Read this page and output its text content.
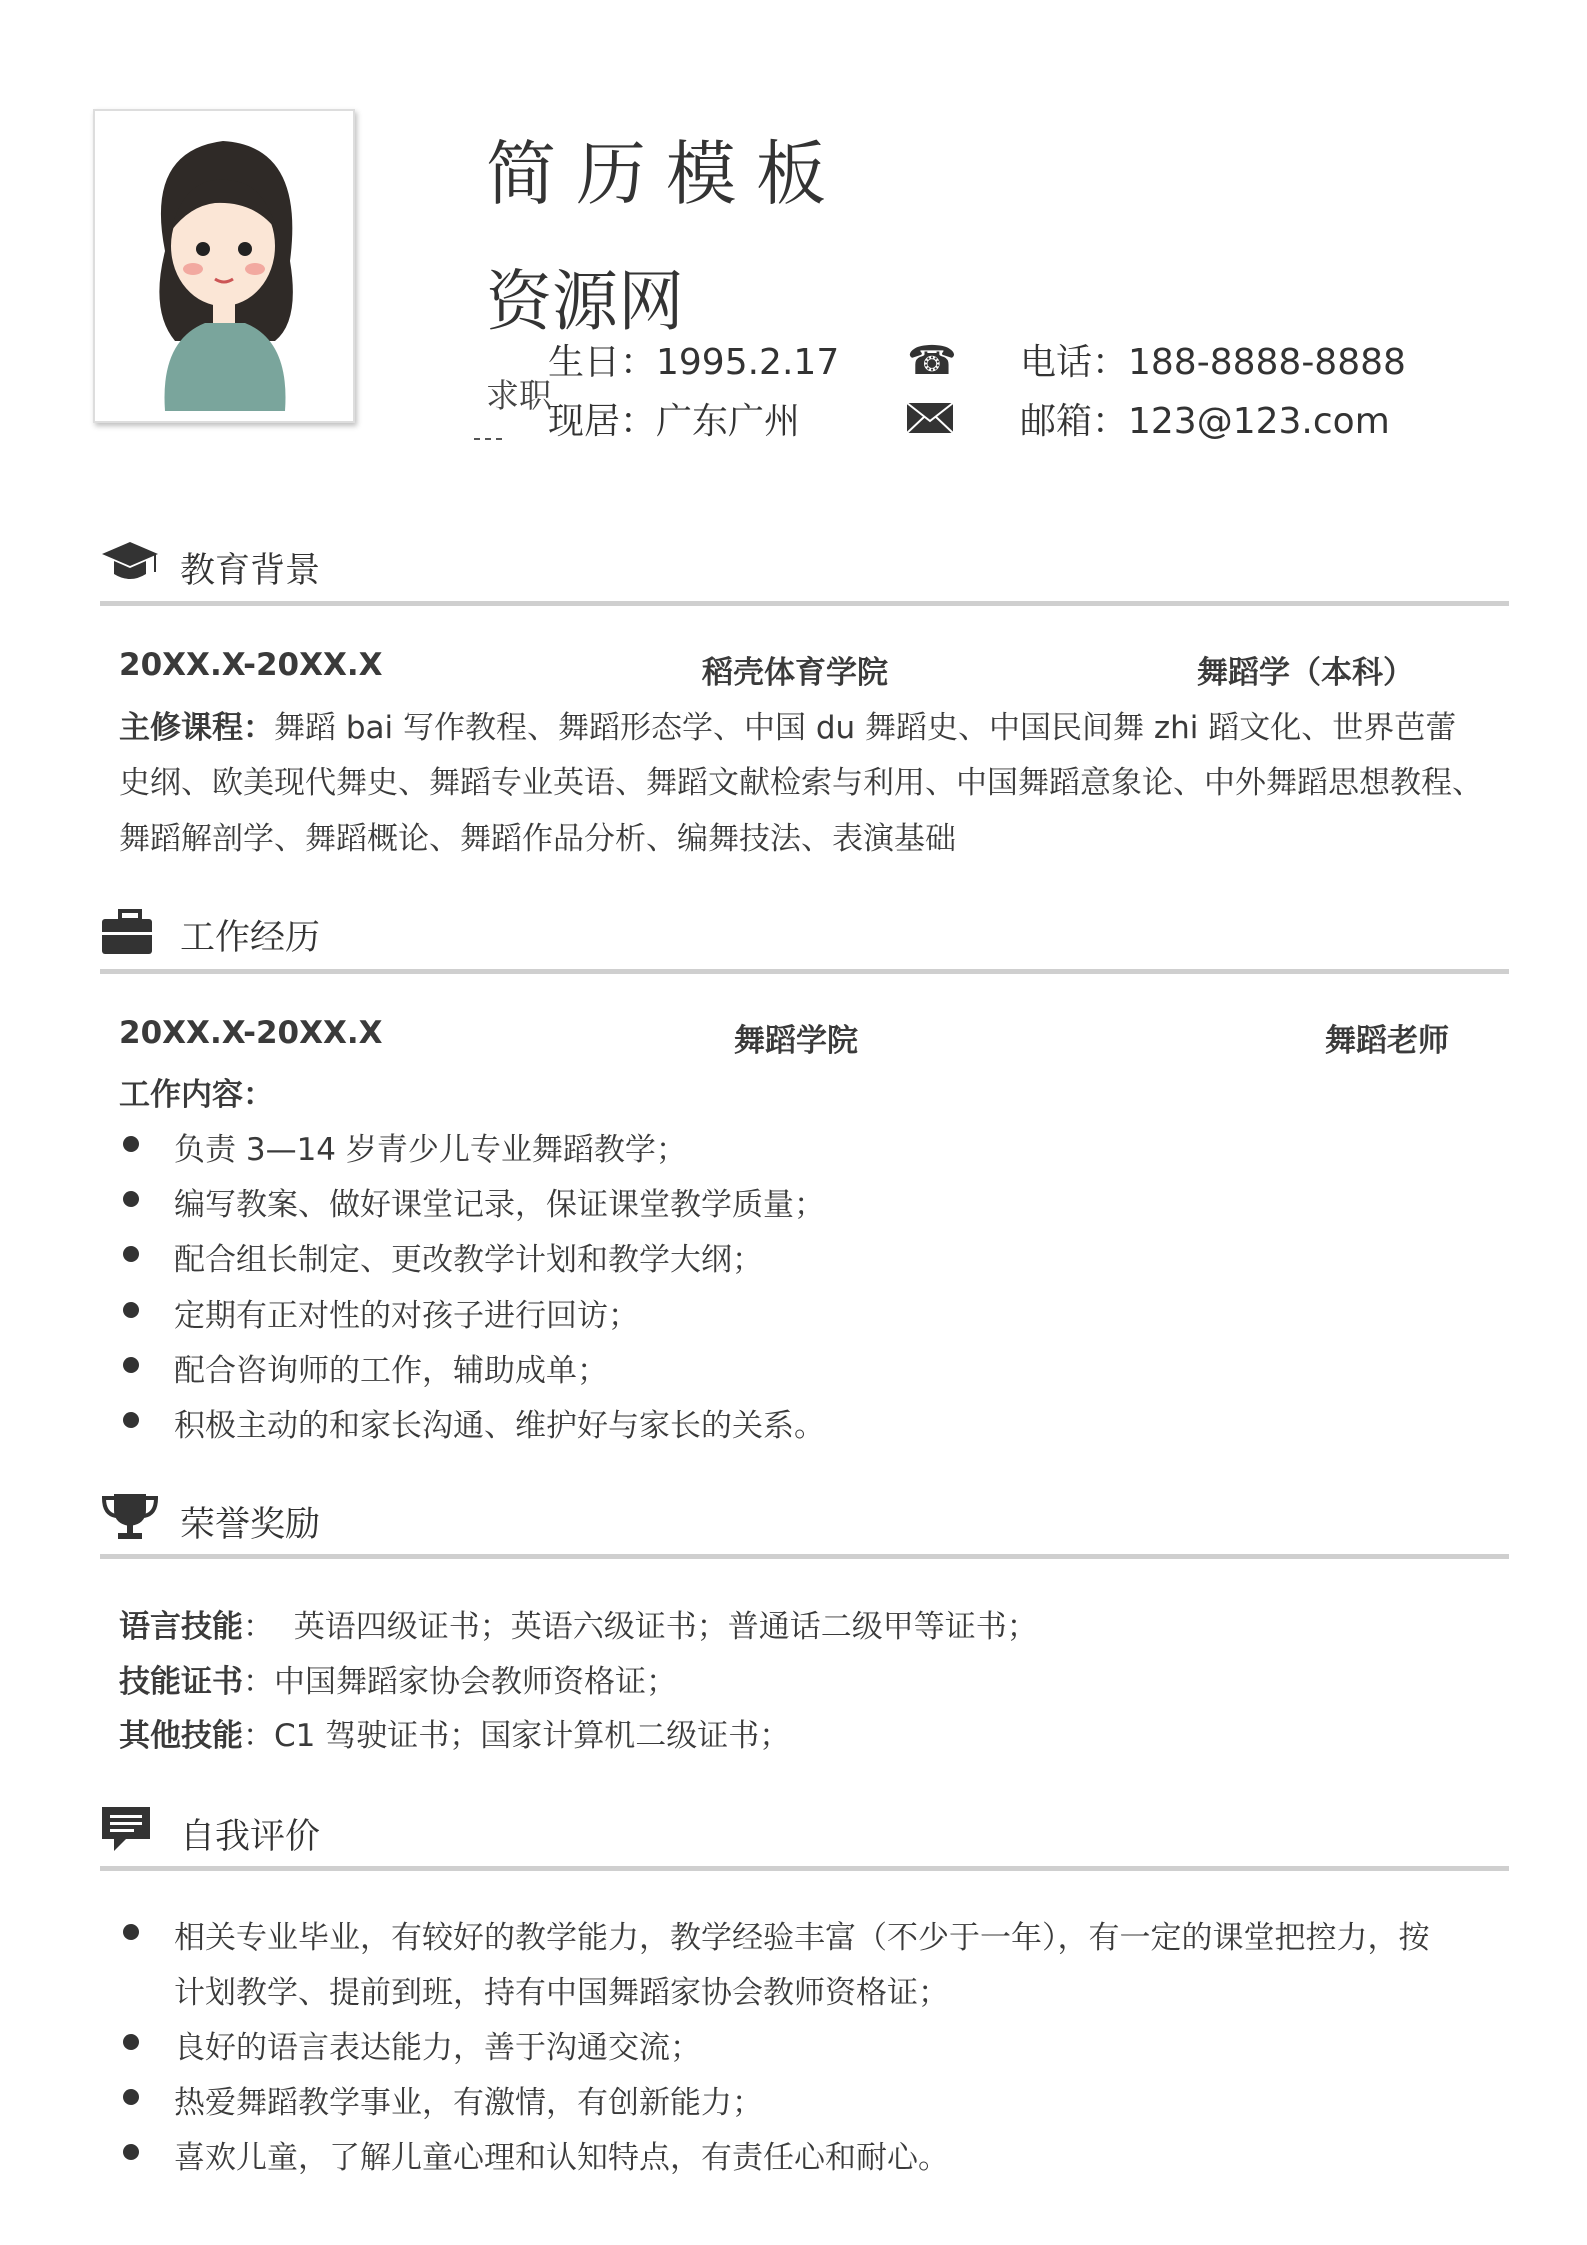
简历模板
资源网
求职
生日：1995.2.17
现居：广东广州
☎ 电话：188-8888-8888
邮箱：123@123.com
教育背景
20XX.X-20XX.X	稻壳体育学院	舞蹈学（本科）
主修课程：舞蹈 bai 写作教程、舞蹈形态学、中国 du 舞蹈史、中国民间舞 zhi 蹈文化、世界芭蕾
史纲、欧美现代舞史、舞蹈专业英语、舞蹈文献检索与利用、中国舞蹈意象论、中外舞蹈思想教程、
舞蹈解剖学、舞蹈概论、舞蹈作品分析、编舞技法、表演基础
工作经历
20XX.X-20XX.X	舞蹈学院	舞蹈老师
工作内容：
负责 3—14 岁青少儿专业舞蹈教学；
编写教案、做好课堂记录，保证课堂教学质量；
配合组长制定、更改教学计划和教学大纲；
定期有正对性的对孩子进行回访；
配合咨询师的工作，辅助成单；
积极主动的和家长沟通、维护好与家长的关系。
荣誉奖励
语言技能：  英语四级证书；英语六级证书；普通话二级甲等证书；
技能证书：中国舞蹈家协会教师资格证；
其他技能：C1 驾驶证书；国家计算机二级证书；
自我评价
相关专业毕业，有较好的教学能力，教学经验丰富（不少于一年），有一定的课堂把控力，按
计划教学、提前到班，持有中国舞蹈家协会教师资格证；
良好的语言表达能力，善于沟通交流；
热爱舞蹈教学事业，有激情，有创新能力；
喜欢儿童，了解儿童心理和认知特点，有责任心和耐心。
